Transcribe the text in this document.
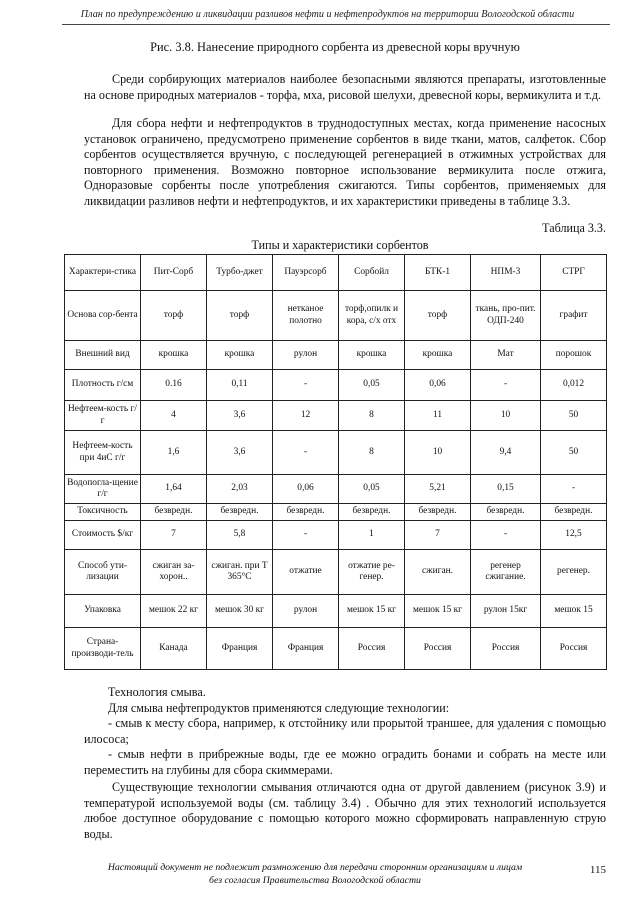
План по предупреждению и ликвидации разливов нефти и нефтепродуктов на территории Вологодской области
Рис. 3.8. Нанесение природного сорбента из древесной коры вручную

Среди сорбирующих материалов наиболее безопасными являются препараты, изготовленные на основе природных материалов - торфа, мха, рисовой шелухи, древесной коры, вермикулита и т.д.

Для сбора нефти и нефтепродуктов в труднодоступных местах, когда применение насосных установок ограничено, предусмотрено применение сорбентов в виде ткани, матов, салфеток. Сбор сорбентов осуществляется вручную, с последующей регенерацией в отжимных устройствах для повторного применения. Возможно повторное использование вермикулита после отжига, Одноразовые сорбенты после употребления сжигаются. Типы сорбентов, применяемых для ликвидации разливов нефти и нефтепродуктов, и их характеристики приведены в таблице 3.3.

Таблица 3.3.
Типы и характеристики сорбентов
Характери-стика	Пит-Сорб	Турбо-джет	Пауэрсорб	Сорбойл	БТК-1	НПМ-3	СТРГ
Основа сор-бента	торф	торф	нетканое полотно	торф,опилк и кора, с/х отх	торф	ткань, про-пит. ОДП-240	графит
Внешний вид	крошка	крошка	рулон	крошка	крошка	Мат	порошок
Плотность г/см	0.16	0,11	-	0,05	0,06	-	0,012
Нефтеем-кость г/г	4	3,6	12	8	11	10	50
Нефтеем-кость при 4иС г/г	1,6	3,6	-	8	10	9,4	50
Водопогла-щение г/г	1,64	2,03	0,06	0,05	5,21	0,15	-
Токсичность	безвредн.	безвредн.	безвредн.	безвредн.	безвредн.	безвредн.	безвредн.
Стоимость $/кг	7	5,8	-	1	7	-	12,5
Способ ути-лизации	сжиган за-хорон..	сжиган. при Т 365°С	отжатие	отжатие ре-генер.	сжиган.	регенер сжигание.	регенер.
Упаковка	мешок 22 кг	мешок 30 кг	рулон	мешок 15 кг	мешок 15 кг	рулон 15кг	мешок 15
Страна-производи-тель	Канада	Франция	Франция	Россия	Россия	Россия	Россия

Технология смыва.

Для смыва нефтепродуктов применяются следующие технологии:

- смыв к месту сбора, например, к отстойнику или прорытой траншее, для удаления с помощью илососа;

- смыв нефти в прибрежные воды, где ее можно оградить бонами и собрать на месте или переместить на глубины для сбора скиммерами.

Существующие технологии смывания отличаются одна от другой давлением (рисунок 3.9) и температурой используемой воды (см. таблицу 3.4) . Обычно для этих технологий используется любое доступное оборудование с помощью которого можно сформировать направленную струю воды.

Настоящий документ не подлежит размножению для передачи сторонним организациям и лицам
без согласия Правительства Вологодской области
115
